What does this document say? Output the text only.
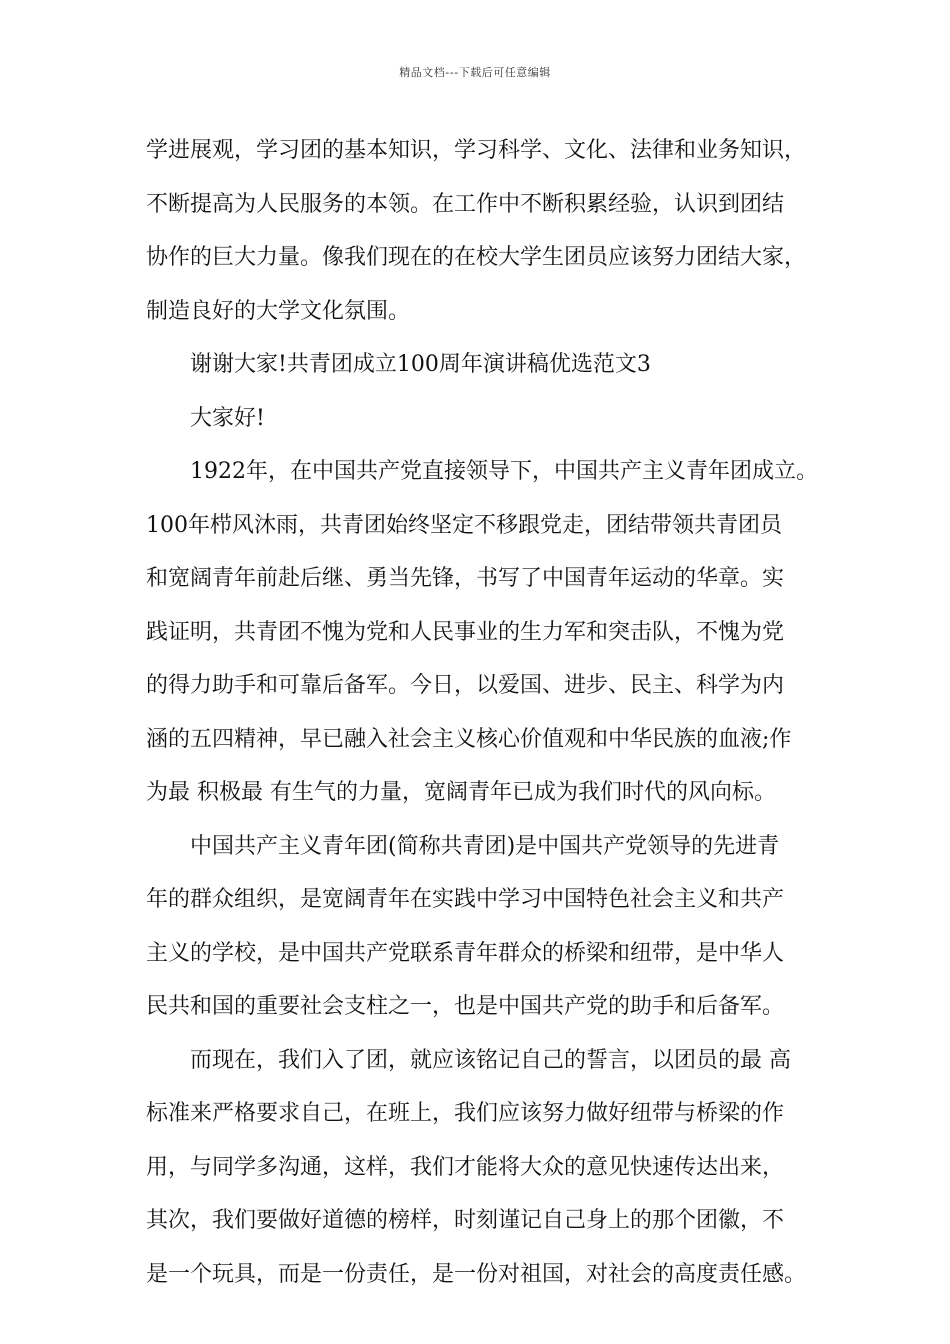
精品文档---下载后可任意编辑
学进展观，学习团的基本知识，学习科学、文化、法律和业务知识，
不断提高为人民服务的本领。在工作中不断积累经验，认识到团结
协作的巨大力量。像我们现在的在校大学生团员应该努力团结大家，
制造良好的大学文化氛围。
谢谢大家!共青团成立100周年演讲稿优选范文3
大家好!
1922年，在中国共产党直接领导下，中国共产主义青年团成立。
100年栉风沐雨，共青团始终坚定不移跟党走，团结带领共青团员
和宽阔青年前赴后继、勇当先锋，书写了中国青年运动的华章。实
践证明，共青团不愧为党和人民事业的生力军和突击队，不愧为党
的得力助手和可靠后备军。今日，以爱国、进步、民主、科学为内
涵的五四精神，早已融入社会主义核心价值观和中华民族的血液;作
为最 积极最 有生气的力量，宽阔青年已成为我们时代的风向标。
中国共产主义青年团(简称共青团)是中国共产党领导的先进青
年的群众组织，是宽阔青年在实践中学习中国特色社会主义和共产
主义的学校，是中国共产党联系青年群众的桥梁和纽带，是中华人
民共和国的重要社会支柱之一，也是中国共产党的助手和后备军。
而现在，我们入了团，就应该铭记自己的誓言，以团员的最 高
标准来严格要求自己，在班上，我们应该努力做好纽带与桥梁的作
用，与同学多沟通，这样，我们才能将大众的意见快速传达出来，
其次，我们要做好道德的榜样，时刻谨记自己身上的那个团徽，不
是一个玩具，而是一份责任，是一份对祖国，对社会的高度责任感。
